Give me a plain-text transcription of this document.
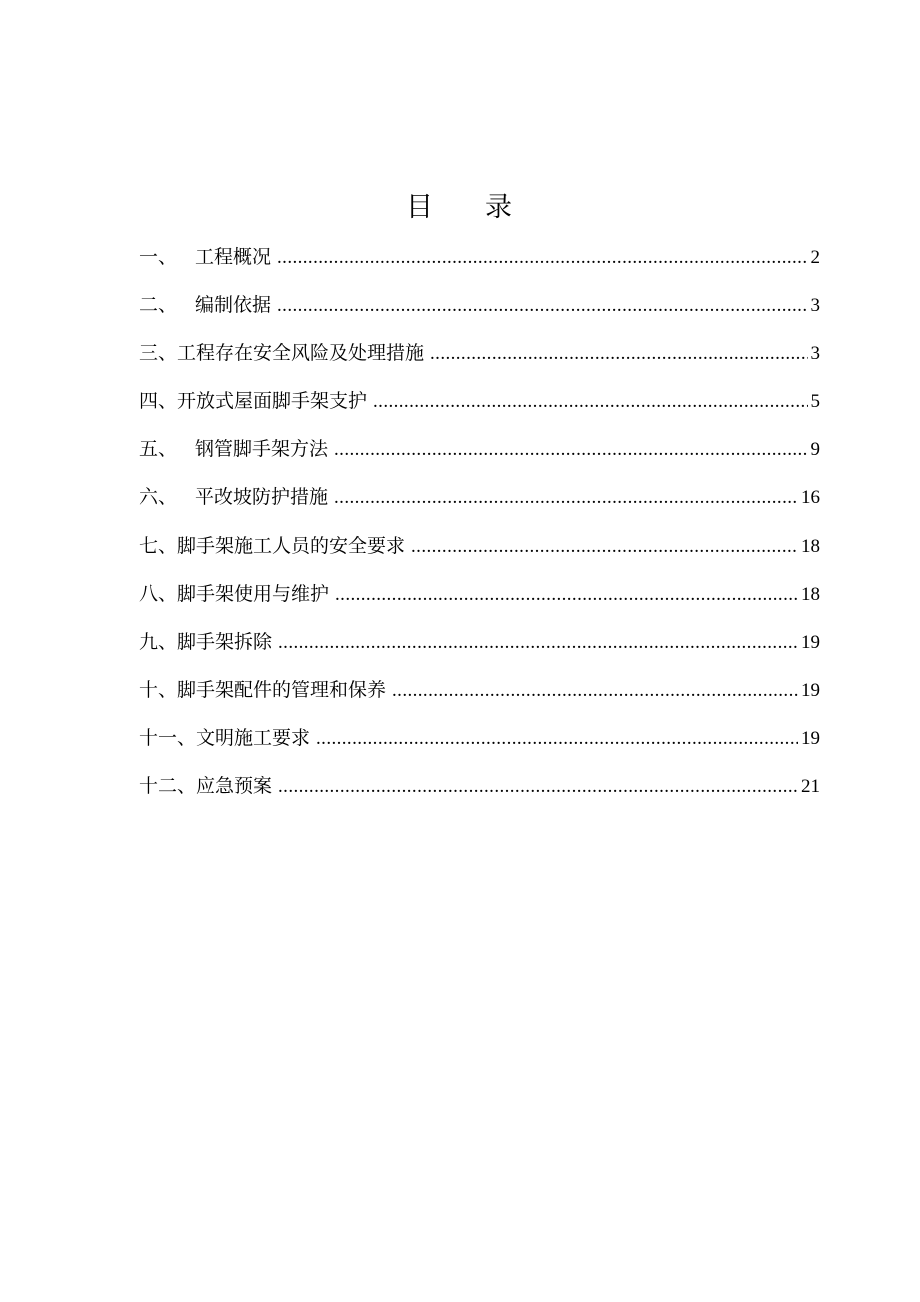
目 录
一、 工程概况 .....	2
二、 编制依据 .....	3
三、 工程存在安全风险及处理措施 .....	3
四、 开放式屋面脚手架支护 .....	5
五、 钢管脚手架方法 .....	9
六、 平改坡防护措施 .....	16
七、 脚手架施工人员的安全要求 .....	18
八、 脚手架使用与维护 .....	18
九、 脚手架拆除 .....	19
十、 脚手架配件的管理和保养 .....	19
十一、 文明施工要求 .....	19
十二、 应急预案 .....	21
